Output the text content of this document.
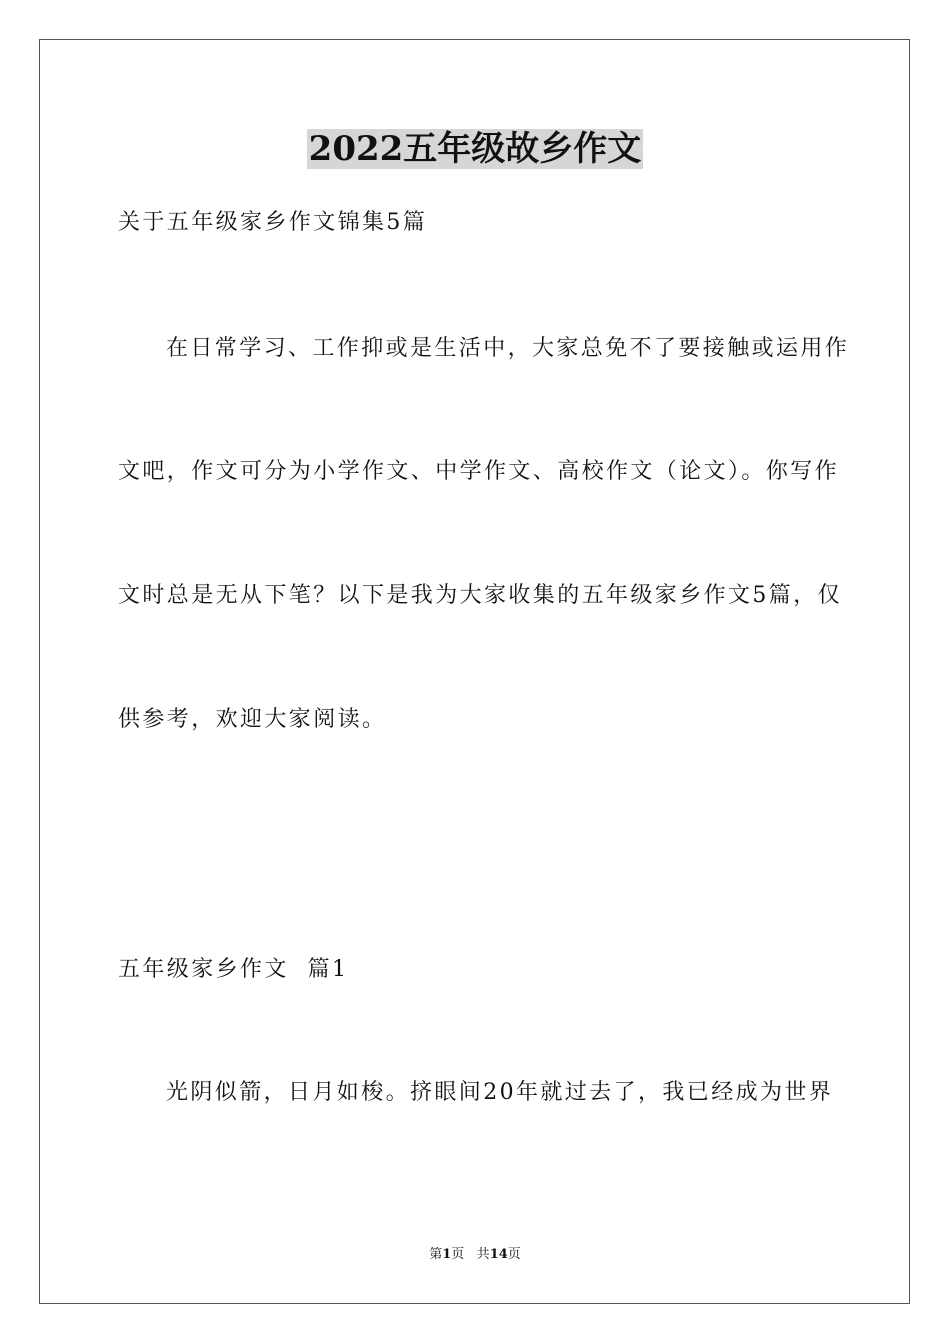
2022五年级故乡作文
关于五年级家乡作文锦集5篇
在日常学习、工作抑或是生活中，大家总免不了要接触或运用作
文吧，作文可分为小学作文、中学作文、高校作文（论文）。你写作
文时总是无从下笔？以下是我为大家收集的五年级家乡作文5篇，仅
供参考，欢迎大家阅读。
五年级家乡作文  篇1
光阴似箭，日月如梭。挤眼间20年就过去了，我已经成为世界
第1页 共14页
